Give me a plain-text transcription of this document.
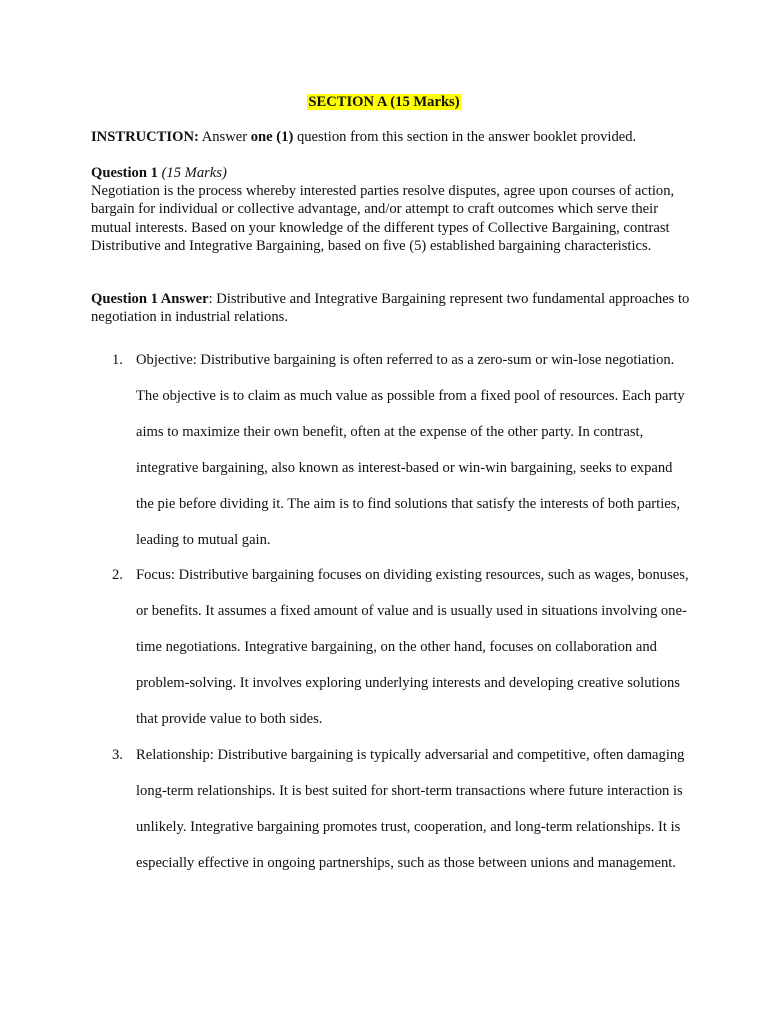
SECTION A (15 Marks)
INSTRUCTION: Answer one (1) question from this section in the answer booklet provided.
Question 1 (15 Marks)
Negotiation is the process whereby interested parties resolve disputes, agree upon courses of action, bargain for individual or collective advantage, and/or attempt to craft outcomes which serve their mutual interests. Based on your knowledge of the different types of Collective Bargaining, contrast Distributive and Integrative Bargaining, based on five (5) established bargaining characteristics.
Question 1 Answer: Distributive and Integrative Bargaining represent two fundamental approaches to negotiation in industrial relations.
1. Objective: Distributive bargaining is often referred to as a zero-sum or win-lose negotiation. The objective is to claim as much value as possible from a fixed pool of resources. Each party aims to maximize their own benefit, often at the expense of the other party. In contrast, integrative bargaining, also known as interest-based or win-win bargaining, seeks to expand the pie before dividing it. The aim is to find solutions that satisfy the interests of both parties, leading to mutual gain.
2. Focus: Distributive bargaining focuses on dividing existing resources, such as wages, bonuses, or benefits. It assumes a fixed amount of value and is usually used in situations involving one-time negotiations. Integrative bargaining, on the other hand, focuses on collaboration and problem-solving. It involves exploring underlying interests and developing creative solutions that provide value to both sides.
3. Relationship: Distributive bargaining is typically adversarial and competitive, often damaging long-term relationships. It is best suited for short-term transactions where future interaction is unlikely. Integrative bargaining promotes trust, cooperation, and long-term relationships. It is especially effective in ongoing partnerships, such as those between unions and management.
